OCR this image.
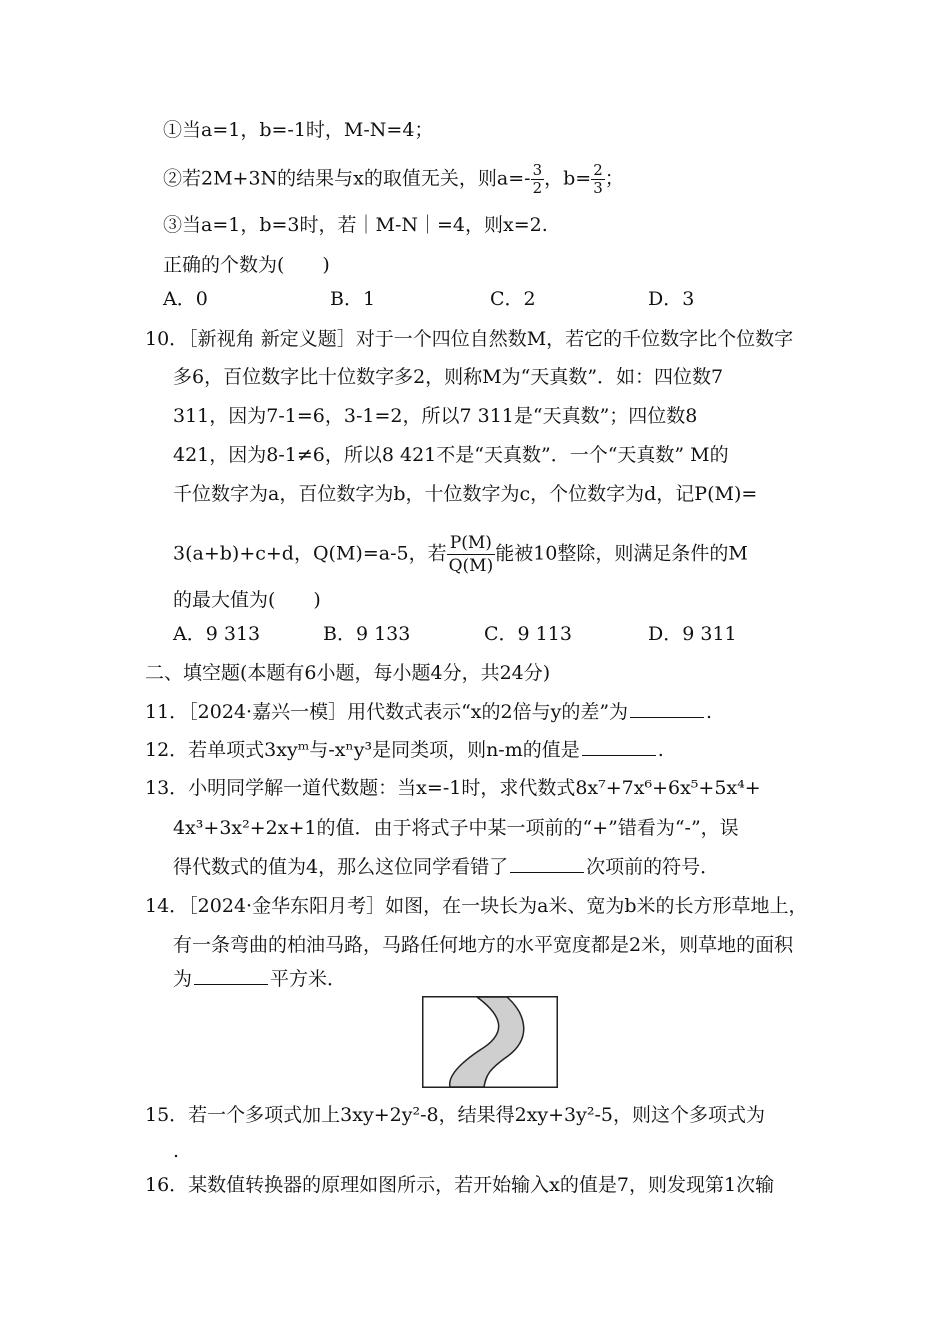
①当a=1，b=-1时，M-N=4；
②若2M+3N的结果与x的取值无关，则$a=- \frac{3}{2}$ ，$b= \frac{2}{3}$ ；
③当a=1，b=3时，若｜M-N｜=4，则x=2.
正确的个数为(　　)
A．0	B．1	C．2	D．3
10．［新视角 新定义题］对于一个四位自然数M，若它的千位数字比个位数字
多6，百位数字比十位数字多2，则称M为“天真数”．如：四位数7
311，因为7-1=6，3-1=2，所以7 311是“天真数”；四位数8
421，因为8-1≠6，所以8 421不是“天真数”．一个“天真数” M的
千位数字为a，百位数字为b，十位数字为c，个位数字为d，记P(M)=
3(a+b)+c+d，Q(M)=a-5，若 $\frac{P(M)}{Q(M)}$ 能被10整除，则满足条件的M
的最大值为(　　)
A．9 313	B．9 133	C．9 113	D．9 311
二、填空题(本题有6小题，每小题4分，共24分)
11．［2024·嘉兴一模］用代数式表示“x的2倍与y的差”为	.
12．若单项式3xyᵐ与-xⁿy³是同类项，则n-m的值是	.
13．小明同学解一道代数题：当x=-1时，求代数式8x⁷+7x⁶+6x⁵+5x⁴+
4x³+3x²+2x+1的值．由于将式子中某一项前的“+”错看为“-”，误
得代数式的值为4，那么这位同学看错了	次项前的符号．
14．［2024·金华东阳月考］如图，在一块长为a米、宽为b米的长方形草地上，
有一条弯曲的柏油马路，马路任何地方的水平宽度都是2米，则草地的面积
为	平方米．
15．若一个多项式加上3xy+2y²-8，结果得2xy+3y²-5，则这个多项式为
.
16．某数值转换器的原理如图所示，若开始输入x的值是7，则发现第1次输
